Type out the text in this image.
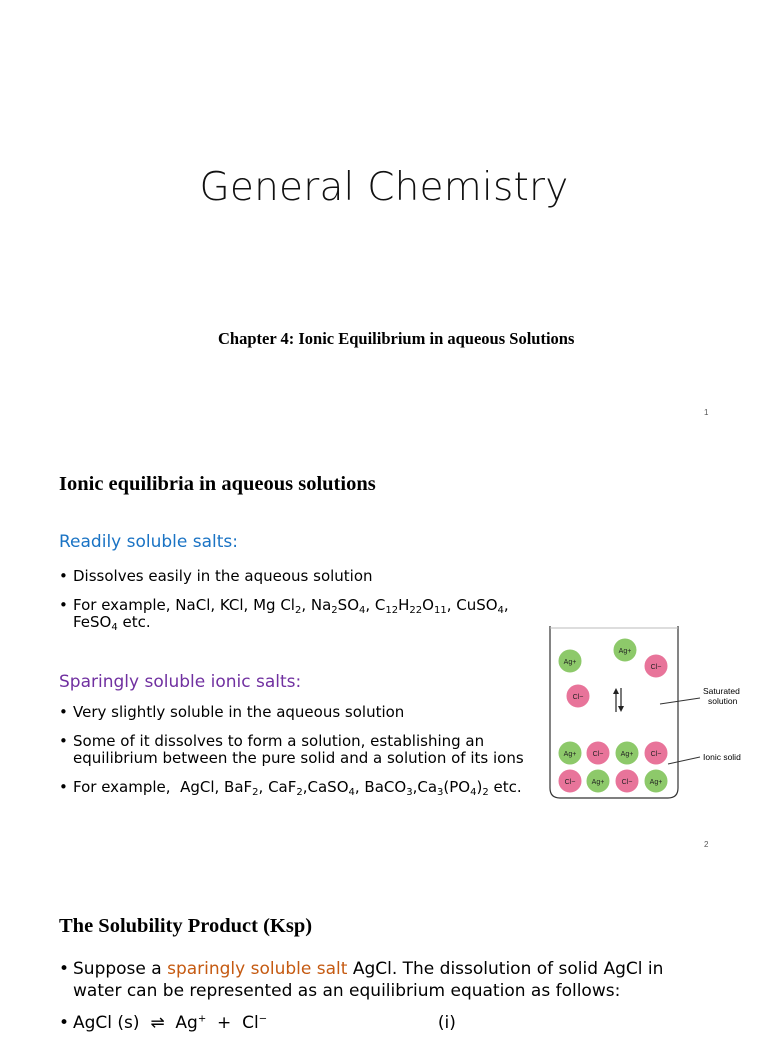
General Chemistry
Chapter 4: Ionic Equilibrium in aqueous Solutions
1
Ionic equilibria in aqueous solutions
Readily soluble salts:
• Dissolves easily in the aqueous solution
• For example, NaCl, KCl, Mg $Cl_2$, $Na_2SO_4$, $C_{12}H_{22}O_{11}$, CuSO$_4$,
FeSO$_4$ etc.
Sparingly soluble ionic salts:
• Very slightly soluble in the aqueous solution
• Some of it dissolves to form a solution, establishing an equilibrium between the pure solid and a solution of its ions
• For example,  AgCl, BaF$_2$, CaF$_2$,CaSO$_4$, $BaCO_3,Ca_3(PO_4)_2$ etc.
Ag+
Ag+
Cl−
Cl−
Ag+ Cl− Ag+ Cl−
Cl− Ag+ Cl− Ag+
Saturated
solution
Ionic solid
2
The Solubility Product (Ksp)
• Suppose a sparingly soluble salt AgCl. The dissolution of solid AgCl in water can be represented as an equilibrium equation as follows:
• AgCl (s) ⇌ Ag+ + Cl−	(i)
